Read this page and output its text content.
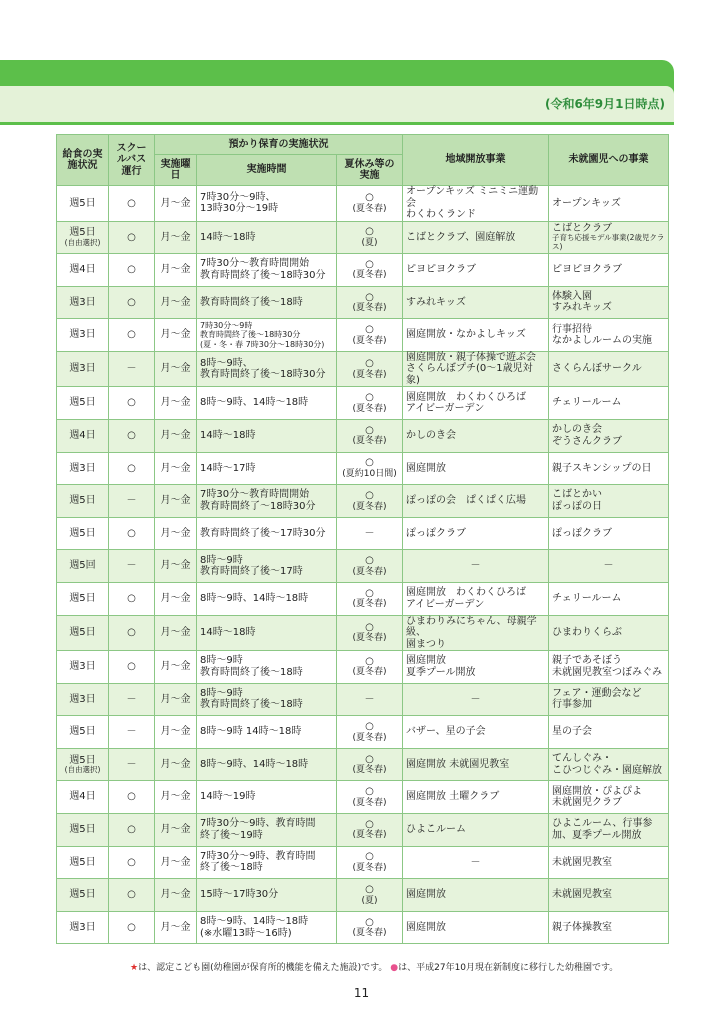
(令和6年9月1日時点)
給食の実施状況	スクールバス運行	預かり保育の実施状況			地域開放事業	未就園児への事業
		実施曜日	実施時間	夏休み等の実施		
週5日	○	月～金	7時30分～9時、
13時30分～19時	○
(夏冬春)	オープンキッズ ミニミニ運動会
わくわくランド	オープンキッズ
週5日
(自由選択)	○	月～金	14時～18時	○
(夏)	こばとクラブ、園庭解放	こばとクラブ
子育ち応援モデル事業(2歳児クラス)

週4日	○	月～金	7時30分～教育時間開始
教育時間終了後～18時30分	○
(夏冬春)	ピヨピヨクラブ	ピヨピヨクラブ
週3日	○	月～金	教育時間終了後～18時	○
(夏冬春)	すみれキッズ	体験入園
すみれキッズ
週3日	○	月～金	7時30分～9時
教育時間終了後～18時30分
(夏・冬・春 7時30分～18時30分)	○
(夏冬春)	園庭開放・なかよしキッズ	行事招待
なかよしルームの実施
週3日	－	月～金	8時～9時、
教育時間終了後～18時30分	○
(夏冬春)	園庭開放・親子体操で遊ぶ会
さくらんぼプチ(0～1歳児対象)	さくらんぼサークル
週5日	○	月～金	8時～9時、14時～18時	○
(夏冬春)	園庭開放　わくわくひろば
アイビーガーデン	チェリールーム
週4日	○	月～金	14時～18時	○
(夏冬春)	かしのき会	かしのき会
ぞうさんクラブ
週3日	○	月～金	14時～17時	○
(夏約10日間)	園庭開放	親子スキンシップの日
週5日	－	月～金	7時30分～教育時間開始
教育時間終了～18時30分	○
(夏冬春)	ぽっぽの会　ぱくぱく広場	こばとかい
ぽっぽの日
週5日	○	月～金	教育時間終了後～17時30分	－	ぽっぽクラブ	ぽっぽクラブ
週5回	－	月～金	8時～9時
教育時間終了後～17時	○
(夏冬春)	－	－
週5日	○	月～金	8時～9時、14時～18時	○
(夏冬春)	園庭開放　わくわくひろば
アイビーガーデン	チェリールーム
週5日	○	月～金	14時～18時	○
(夏冬春)	ひまわりみにちゃん、母親学級、
園まつり	ひまわりくらぶ
週3日	○	月～金	8時～9時
教育時間終了後～18時	○
(夏冬春)	園庭開放
夏季プール開放	親子であそぼう
未就園児教室つぼみぐみ
週3日	－	月～金	8時～9時
教育時間終了後～18時	－	－	フェア・運動会など
行事参加
週5日	－	月～金	8時～9時 14時～18時	○
(夏冬春)	バザー、星の子会	星の子会
週5日
(自由選択)	－	月～金	8時～9時、14時～18時	○
(夏冬春)	園庭開放 未就園児教室	てんしぐみ・
こひつじぐみ・園庭解放
週4日	○	月～金	14時～19時	○
(夏冬春)	園庭開放 土曜クラブ	園庭開放・ぴよぴよ
未就園児クラブ
週5日	○	月～金	7時30分～9時、教育時間
終了後～19時	○
(夏冬春)	ひよこルーム	ひよこルーム、行事参
加、夏季プール開放
週5日	○	月～金	7時30分～9時、教育時間
終了後～18時	○
(夏冬春)	－	未就園児教室
週5日	○	月～金	15時～17時30分	○
(夏)	園庭開放	未就園児教室
週3日	○	月～金	8時～9時、14時～18時
(※水曜13時～16時)	○
(夏冬春)	園庭開放	親子体操教室
★は、認定こども園(幼稚園が保育所的機能を備えた施設)です。 ●は、平成27年10月現在新制度に移行した幼稚園です。
11
